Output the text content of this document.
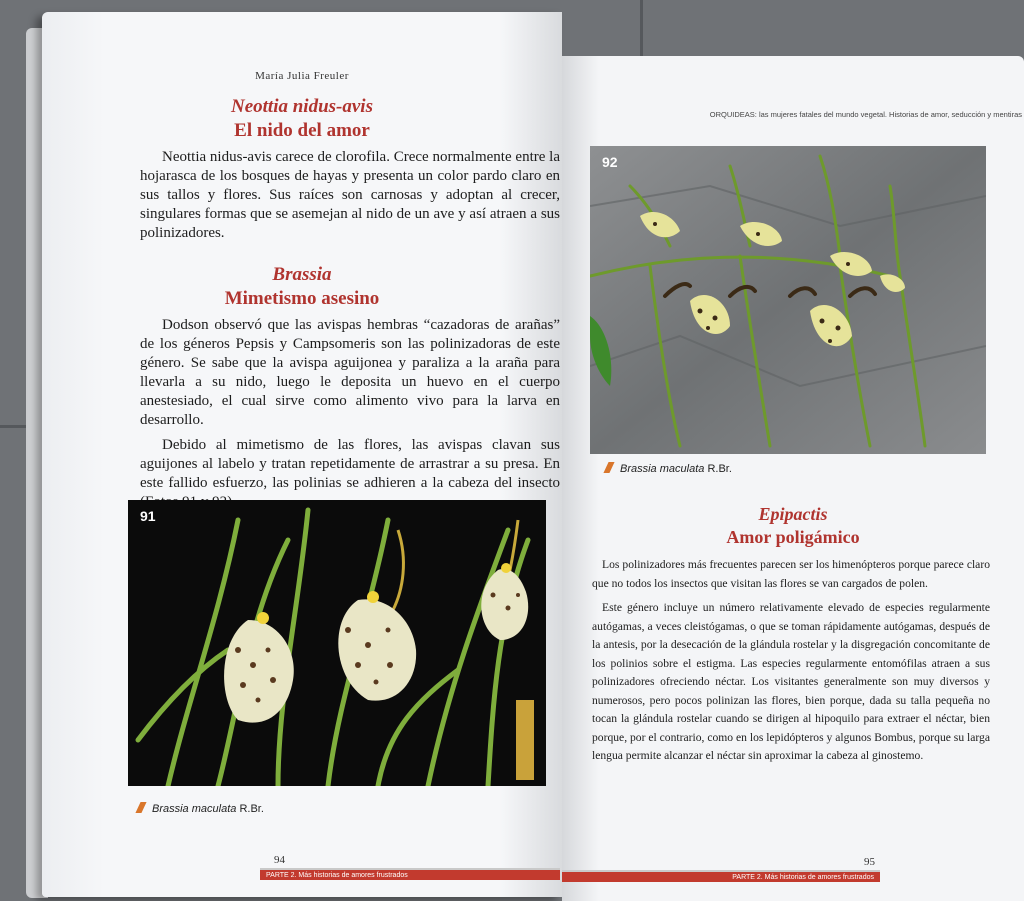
María Julia Freuler
Neottia nidus-avis
El nido del amor

Neottia nidus-avis carece de clorofila. Crece normalmente entre la hojarasca de los bosques de hayas y presenta un color pardo claro en sus tallos y flores. Sus raíces son carnosas y adoptan al crecer, singulares formas que se asemejan al nido de un ave y así atraen a sus polinizadores.

Brassia
Mimetismo asesino

Dodson observó que las avispas hembras “cazadoras de arañas” de los géneros Pepsis y Campsomeris son las polinizadoras de este género. Se sabe que la avispa aguijonea y paraliza a la araña para llevarla a su nido, luego le deposita un huevo en el cuerpo anestesiado, el cual sirve como alimento vivo para la larva en desarrollo.

Debido al mimetismo de las flores, las avispas clavan sus aguijones al labelo y tratan repetidamente de arrastrar a su presa. En este fallido esfuerzo, las polinias se adhieren a la cabeza del insecto

91
Brassia maculata R.Br.
94
PARTE 2. Más historias de amores frustrados
ORQUIDEAS: las mujeres fatales del mundo vegetal. Historias de amor, seducción y mentiras
92
Brassia maculata R.Br.
Epipactis
Amor poligámico

Los polinizadores más frecuentes parecen ser los himenópteros porque parece claro que no todos los insectos que visitan las flores se van cargados de polen.

Este género incluye un número relativamente elevado de especies regularmente autógamas, a veces cleistógamas, o que se toman rápidamente autógamas, después de la antesis, por la desecación de la glándula rostelar y la disgregación concomitante de los polinios sobre el estigma. Las especies regularmente entomófilas atraen a sus polinizadores ofreciendo néctar. Los visitantes generalmente son muy diversos y numerosos, pero pocos polinizan las flores, bien porque, dada su talla pequeña no tocan la glándula rostelar cuando se dirigen al hipoquilo para extraer el néctar, bien porque, por el contrario, como en los lepidópteros y algunos Bombus, porque su larga lengua permite alcanzar el néctar sin aproximar la cabeza al ginostemo.

95
PARTE 2. Más historias de amores frustrados
